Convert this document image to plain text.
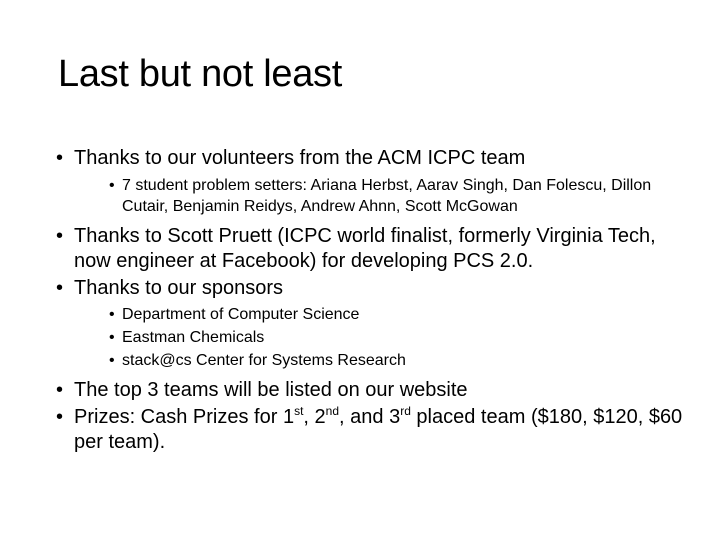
Last but not least
• Thanks to our volunteers from the ACM ICPC team
• 7 student problem setters: Ariana Herbst, Aarav Singh, Dan Folescu, Dillon Cutair, Benjamin Reidys, Andrew Ahnn, Scott McGowan
• Thanks to Scott Pruett (ICPC world finalist, formerly Virginia Tech, now engineer at Facebook) for developing PCS 2.0.
• Thanks to our sponsors
• Department of Computer Science
• Eastman Chemicals
• stack@cs Center for Systems Research
• The top 3 teams will be listed on our website
• Prizes: Cash Prizes for 1st, 2nd, and 3rd placed team ($180, $120, $60 per team).
